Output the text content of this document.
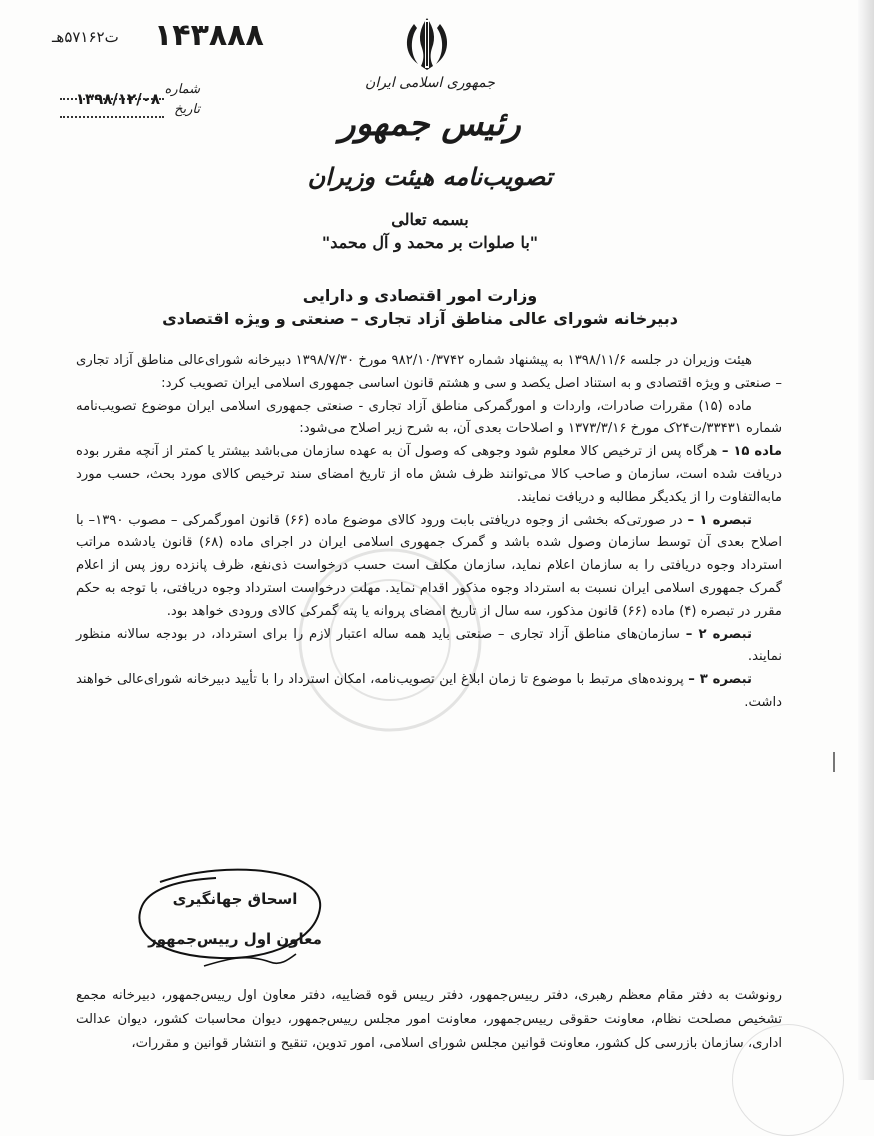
۱۴۳۸۸۸
ت۵۷۱۶۲هـ
شماره
۱۳۹۸/۱۲/۰۸
تاریخ
جمهوری اسلامی ایران
رئیس جمهور
تصویب‌نامه هیئت وزیران
بسمه تعالی
"با صلوات بر محمد و آل محمد"
وزارت امور اقتصادی و دارایی
دبیرخانه شورای عالی مناطق آزاد تجاری – صنعتی و ویژه اقتصادی

هیئت وزیران در جلسه ۱۳۹۸/۱۱/۶ به پیشنهاد شماره ۹۸۲/۱۰/۳۷۴۲ مورخ ۱۳۹۸/۷/۳۰ دبیرخانه شورای‌عالی مناطق آزاد تجاری – صنعتی و ویژه اقتصادی و به استناد اصل یکصد و سی و هشتم قانون اساسی جمهوری اسلامی ایران تصویب کرد:

ماده (۱۵) مقررات صادرات، واردات و امورگمرکی مناطق آزاد تجاری - صنعتی جمهوری اسلامی ایران موضوع تصویب‌نامه شماره ۳۳۴۳۱/ت۲۴ک مورخ ۱۳۷۳/۳/۱۶ و اصلاحات بعدی آن، به شرح زیر اصلاح می‌شود:

ماده ۱۵ – هرگاه پس از ترخیص کالا معلوم شود وجوهی که وصول آن به عهده سازمان می‌باشد بیشتر یا کمتر از آنچه مقرر بوده دریافت شده است، سازمان و صاحب کالا می‌توانند ظرف شش ماه از تاریخ امضای سند ترخیص کالای مورد بحث، حسب مورد مابه‌التفاوت را از یکدیگر مطالبه و دریافت نمایند.

تبصره ۱ – در صورتی‌که بخشی از وجوه دریافتی بابت ورود کالای موضوع ماده (۶۶) قانون امورگمرکی – مصوب ۱۳۹۰– با اصلاح بعدی آن توسط سازمان وصول شده باشد و گمرک جمهوری اسلامی ایران در اجرای ماده (۶۸) قانون یادشده مراتب استرداد وجوه دریافتی را به سازمان اعلام نماید، سازمان مکلف است حسب درخواست ذی‌نفع، ظرف پانزده روز پس از اعلام گمرک جمهوری اسلامی ایران نسبت به استرداد وجوه مذکور اقدام نماید. مهلت درخواست استرداد وجوه دریافتی، با توجه به حکم مقرر در تبصره (۴) ماده (۶۶) قانون مذکور، سه سال از تاریخ امضای پروانه یا پته گمرکی کالای ورودی خواهد بود.

تبصره ۲ – سازمان‌های مناطق آزاد تجاری – صنعتی باید همه ساله اعتبار لازم را برای استرداد، در بودجه سالانه منظور نمایند.

تبصره ۳ – پرونده‌های مرتبط با موضوع تا زمان ابلاغ این تصویب‌نامه، امکان استرداد را با تأیید دبیرخانه شورای‌عالی خواهند داشت.

اسحاق جهانگیری
معاون اول رییس‌جمهور
رونوشت به دفتر مقام معظم رهبری، دفتر رییس‌جمهور، دفتر رییس قوه قضاییه، دفتر معاون اول رییس‌جمهور، دبیرخانه مجمع تشخیص مصلحت نظام، معاونت حقوقی رییس‌جمهور، معاونت امور مجلس رییس‌جمهور، دیوان محاسبات کشور، دیوان عدالت اداری، سازمان بازرسی کل کشور، معاونت قوانین مجلس شورای اسلامی، امور تدوین، تنقیح و انتشار قوانین و مقررات،
